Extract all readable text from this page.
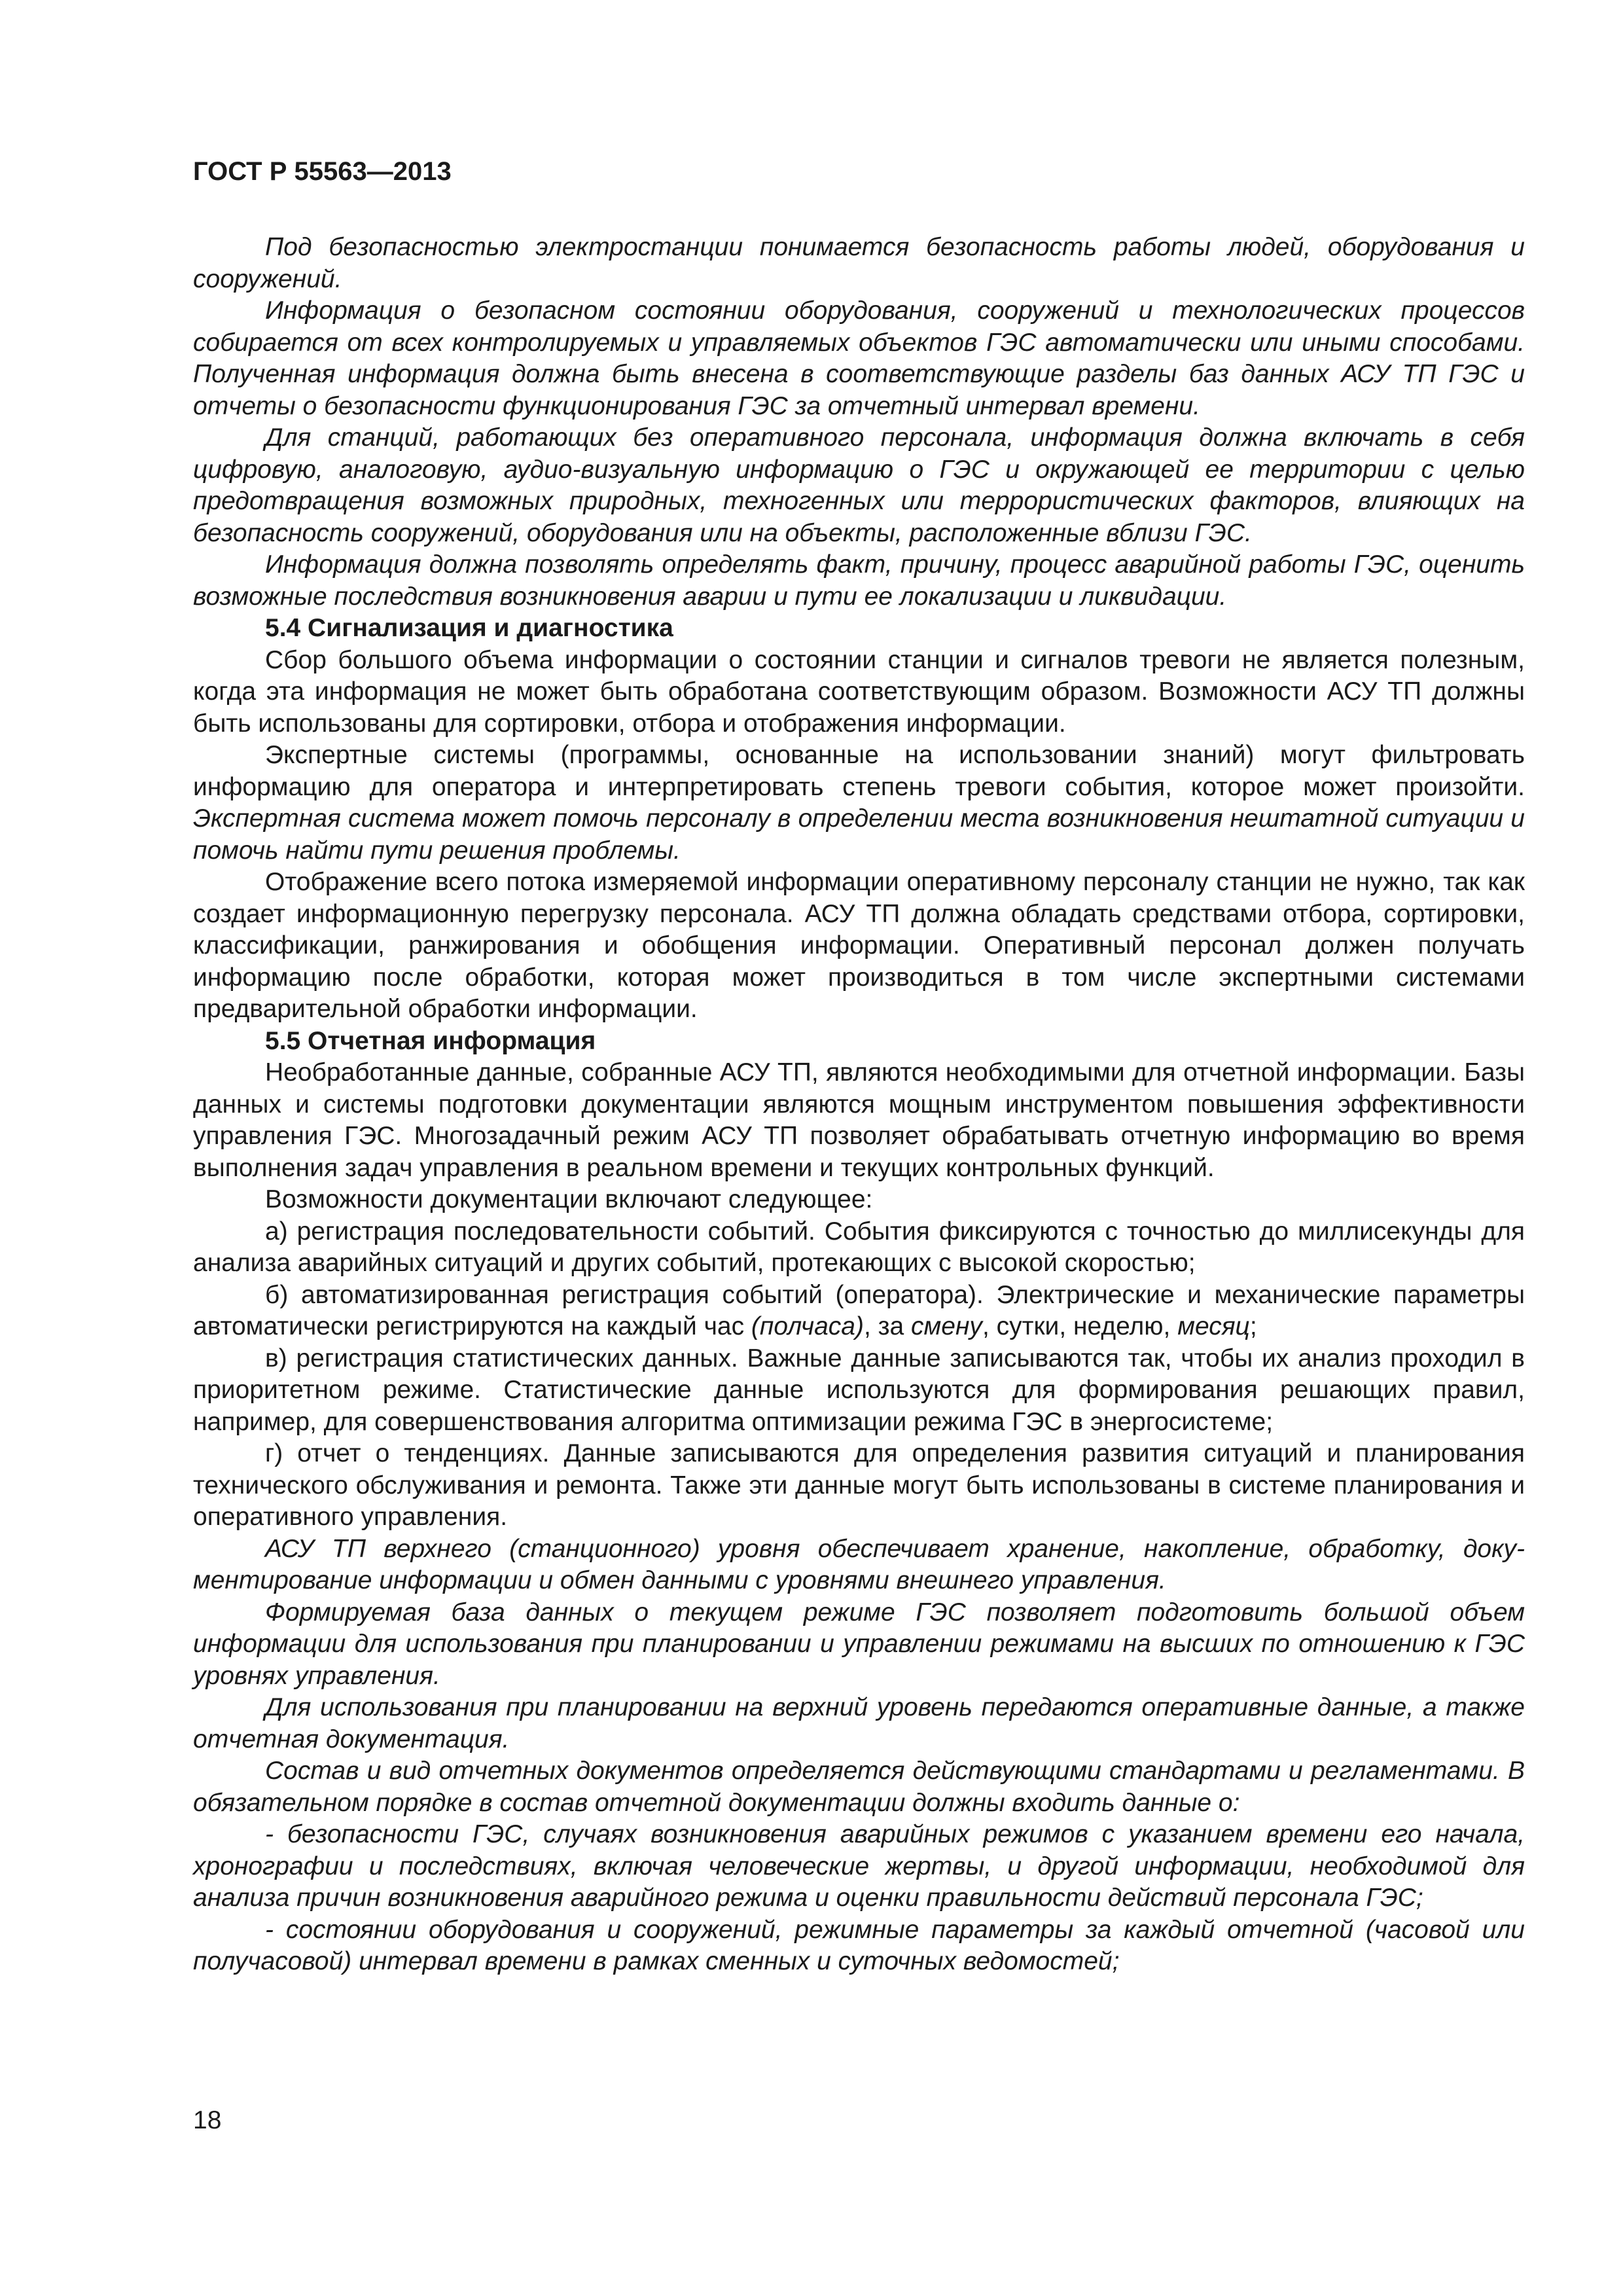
ГОСТ Р 55563—2013

Под безопасностью электростанции понимается безопасность работы людей, оборудования и сооружений.

Информация о безопасном состоянии оборудования, сооружений и технологических процессов собирается от всех контролируемых и управляемых объектов ГЭС автоматически или иными способами. Полученная информация должна быть внесена в соответствующие разделы баз данных АСУ ТП ГЭС и отчеты о безопасности функционирования ГЭС за отчетный интервал времени.

Для станций, работающих без оперативного персонала, информация должна включать в себя цифровую, аналоговую, аудио-визуальную информацию о ГЭС и окружающей ее территории с целью предотвращения возможных природных, техногенных или террористических факторов, влияющих на безопасность сооружений, оборудования или на объекты, расположенные вблизи ГЭС.

Информация должна позволять определять факт, причину, процесс аварийной работы ГЭС, оценить возможные последствия возникновения аварии и пути ее локализации и ликвидации.

5.4 Сигнализация и диагностика

Сбор большого объема информации о состоянии станции и сигналов тревоги не является полезным, когда эта информация не может быть обработана соответствующим образом. Возможности АСУ ТП должны быть использованы для сортировки, отбора и отображения информации.

Экспертные системы (программы, основанные на использовании знаний) могут фильтровать информацию для оператора и интерпретировать степень тревоги события, которое может произойти. Экспертная система может помочь персоналу в определении места возникновения нештатной ситуации и помочь найти пути решения проблемы.

Отображение всего потока измеряемой информации оперативному персоналу станции не нужно, так как создает информационную перегрузку персонала. АСУ ТП должна обладать средствами отбора, сортировки, классификации, ранжирования и обобщения информации. Оперативный персонал должен получать информацию после обработки, которая может производиться в том числе экспертными системами предварительной обработки информации.

5.5 Отчетная информация

Необработанные данные, собранные АСУ ТП, являются необходимыми для отчетной информации. Базы данных и системы подготовки документации являются мощным инструментом повышения эффективности управления ГЭС. Многозадачный режим АСУ ТП позволяет обрабатывать отчетную информацию во время выполнения задач управления в реальном времени и текущих контрольных функций.

Возможности документации включают следующее:

а) регистрация последовательности событий. События фиксируются с точностью до миллисекунды для анализа аварийных ситуаций и других событий, протекающих с высокой скоростью;

б) автоматизированная регистрация событий (оператора). Электрические и механические параметры автоматически регистрируются на каждый час (полчаса), за смену, сутки, неделю, месяц;

в) регистрация статистических данных. Важные данные записываются так, чтобы их анализ проходил в приоритетном режиме. Статистические данные используются для формирования решающих правил, например, для совершенствования алгоритма оптимизации режима ГЭС в энергосистеме;

г) отчет о тенденциях. Данные записываются для определения развития ситуаций и планирования технического обслуживания и ремонта. Также эти данные могут быть использованы в системе планирования и оперативного управления.

АСУ ТП верхнего (станционного) уровня обеспечивает хранение, накопление, обработку, документирование информации и обмен данными с уровнями внешнего управления.

Формируемая база данных о текущем режиме ГЭС позволяет подготовить большой объем информации для использования при планировании и управлении режимами на высших по отношению к ГЭС уровнях управления.

Для использования при планировании на верхний уровень передаются оперативные данные, а также отчетная документация.

Состав и вид отчетных документов определяется действующими стандартами и регламентами. В обязательном порядке в состав отчетной документации должны входить данные о:

- безопасности ГЭС, случаях возникновения аварийных режимов с указанием времени его начала, хронографии и последствиях, включая человеческие жертвы, и другой информации, необходимой для анализа причин возникновения аварийного режима и оценки правильности действий персонала ГЭС;

- состоянии оборудования и сооружений, режимные параметры за каждый отчетной (часовой или получасовой) интервал времени в рамках сменных и суточных ведомостей;

18
